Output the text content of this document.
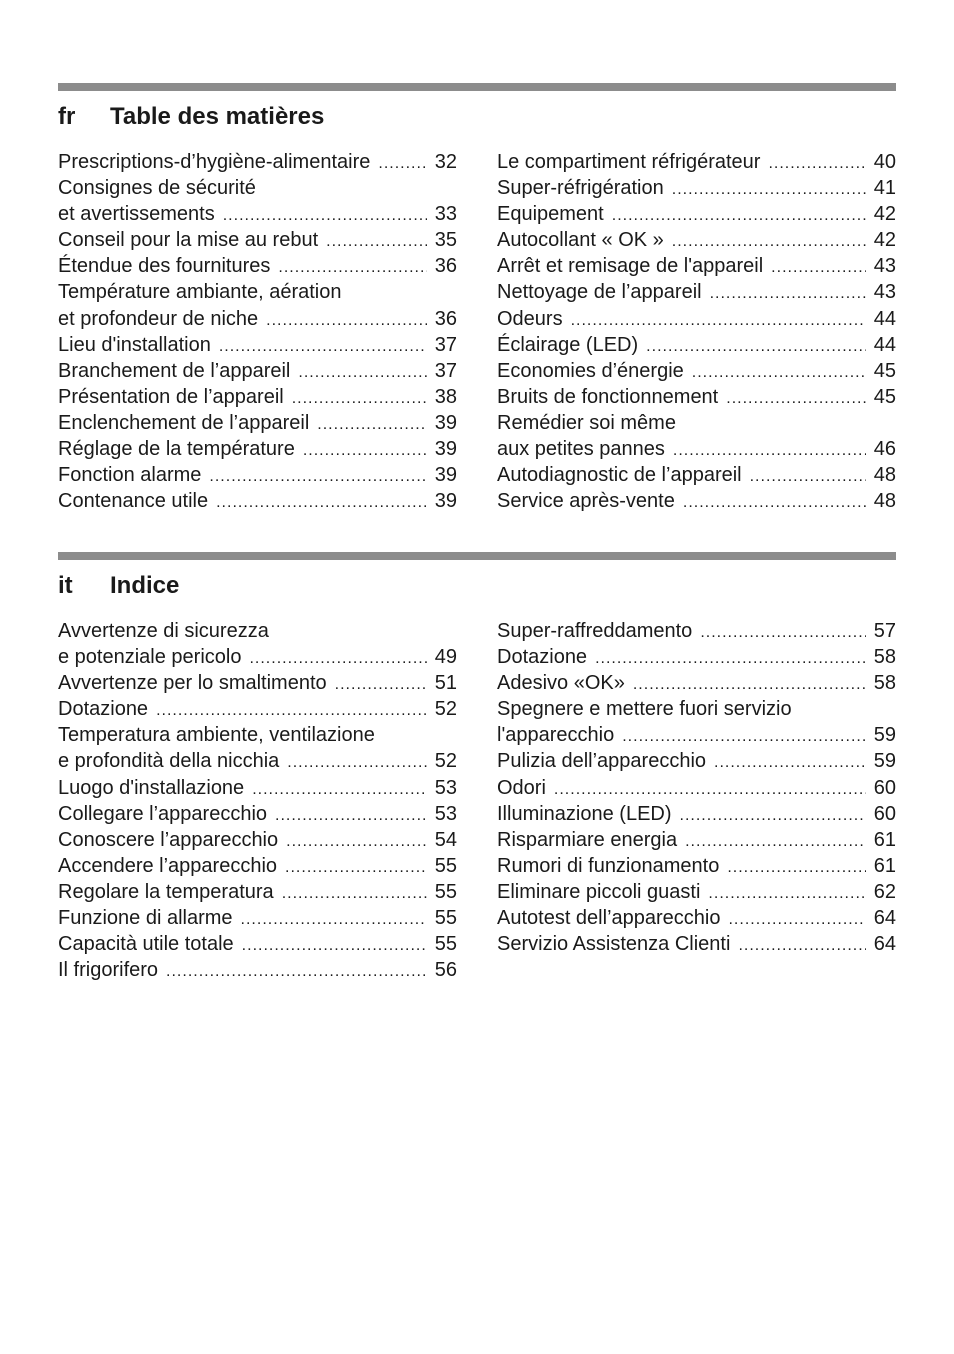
fr	Table des matières
Prescriptions-d’hygiène-alimentaire .....	32
Consignes de sécurité
et avertissements .....	33
Conseil pour la mise au rebut .....	35
Étendue des fournitures .....	36
Température ambiante, aération
et profondeur de niche .....	36
Lieu d'installation .....	37
Branchement de l’appareil .....	37
Présentation de l’appareil .....	38
Enclenchement de l’appareil .....	39
Réglage de la température .....	39
Fonction alarme .....	39
Contenance utile .....	39
Le compartiment réfrigérateur .....	40
Super-réfrigération .....	41
Equipement .....	42
Autocollant « OK » .....	42
Arrêt et remisage de l'appareil .....	43
Nettoyage de l’appareil .....	43
Odeurs .....	44
Éclairage (LED) .....	44
Economies d’énergie .....	45
Bruits de fonctionnement .....	45
Remédier soi même
aux petites pannes .....	46
Autodiagnostic de l’appareil .....	48
Service après-vente .....	48
it	Indice
Avvertenze di sicurezza
e potenziale pericolo .....	49
Avvertenze per lo smaltimento .....	51
Dotazione .....	52
Temperatura ambiente, ventilazione
e profondità della nicchia .....	52
Luogo d'installazione .....	53
Collegare l’apparecchio .....	53
Conoscere l’apparecchio .....	54
Accendere l’apparecchio .....	55
Regolare la temperatura .....	55
Funzione di allarme .....	55
Capacità utile totale .....	55
Il frigorifero .....	56
Super-raffreddamento .....	57
Dotazione .....	58
Adesivo «OK» .....	58
Spegnere e mettere fuori servizio
l'apparecchio .....	59
Pulizia dell’apparecchio .....	59
Odori .....	60
Illuminazione (LED) .....	60
Risparmiare energia .....	61
Rumori di funzionamento .....	61
Eliminare piccoli guasti .....	62
Autotest dell’apparecchio .....	64
Servizio Assistenza Clienti .....	64
